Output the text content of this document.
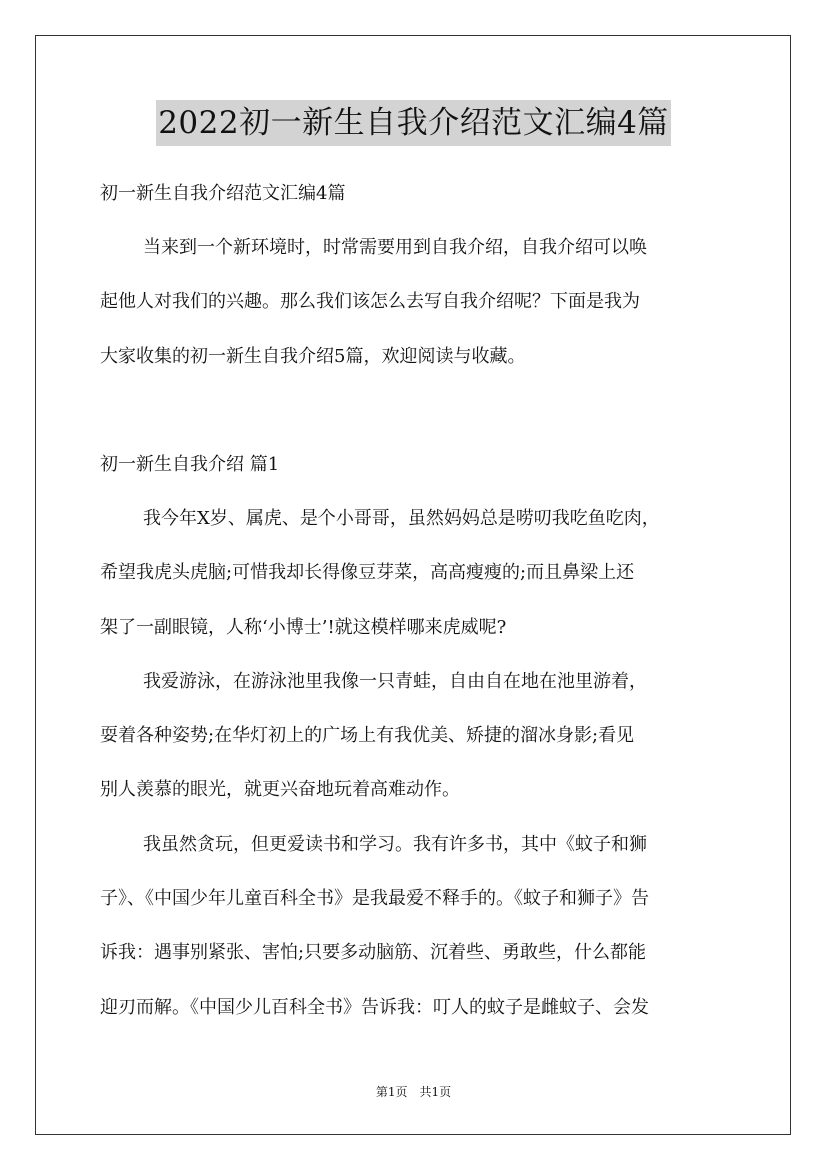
2022初一新生自我介绍范文汇编4篇

初一新生自我介绍范文汇编4篇

当来到一个新环境时，时常需要用到自我介绍，自我介绍可以唤

起他人对我们的兴趣。那么我们该怎么去写自我介绍呢？下面是我为

大家收集的初一新生自我介绍5篇，欢迎阅读与收藏。

初一新生自我介绍 篇1

我今年X岁、属虎、是个小哥哥，虽然妈妈总是唠叨我吃鱼吃肉，

希望我虎头虎脑;可惜我却长得像豆芽菜，高高瘦瘦的;而且鼻梁上还

架了一副眼镜，人称‘小博士’!就这模样哪来虎威呢?

我爱游泳，在游泳池里我像一只青蛙，自由自在地在池里游着，

耍着各种姿势;在华灯初上的广场上有我优美、矫捷的溜冰身影;看见

别人羡慕的眼光，就更兴奋地玩着高难动作。

我虽然贪玩，但更爱读书和学习。我有许多书，其中《蚊子和狮

子》、《中国少年儿童百科全书》是我最爱不释手的。《蚊子和狮子》告

诉我：遇事别紧张、害怕;只要多动脑筋、沉着些、勇敢些，什么都能

迎刃而解。《中国少儿百科全书》告诉我：叮人的蚊子是雌蚊子、会发

第1页　共1页
